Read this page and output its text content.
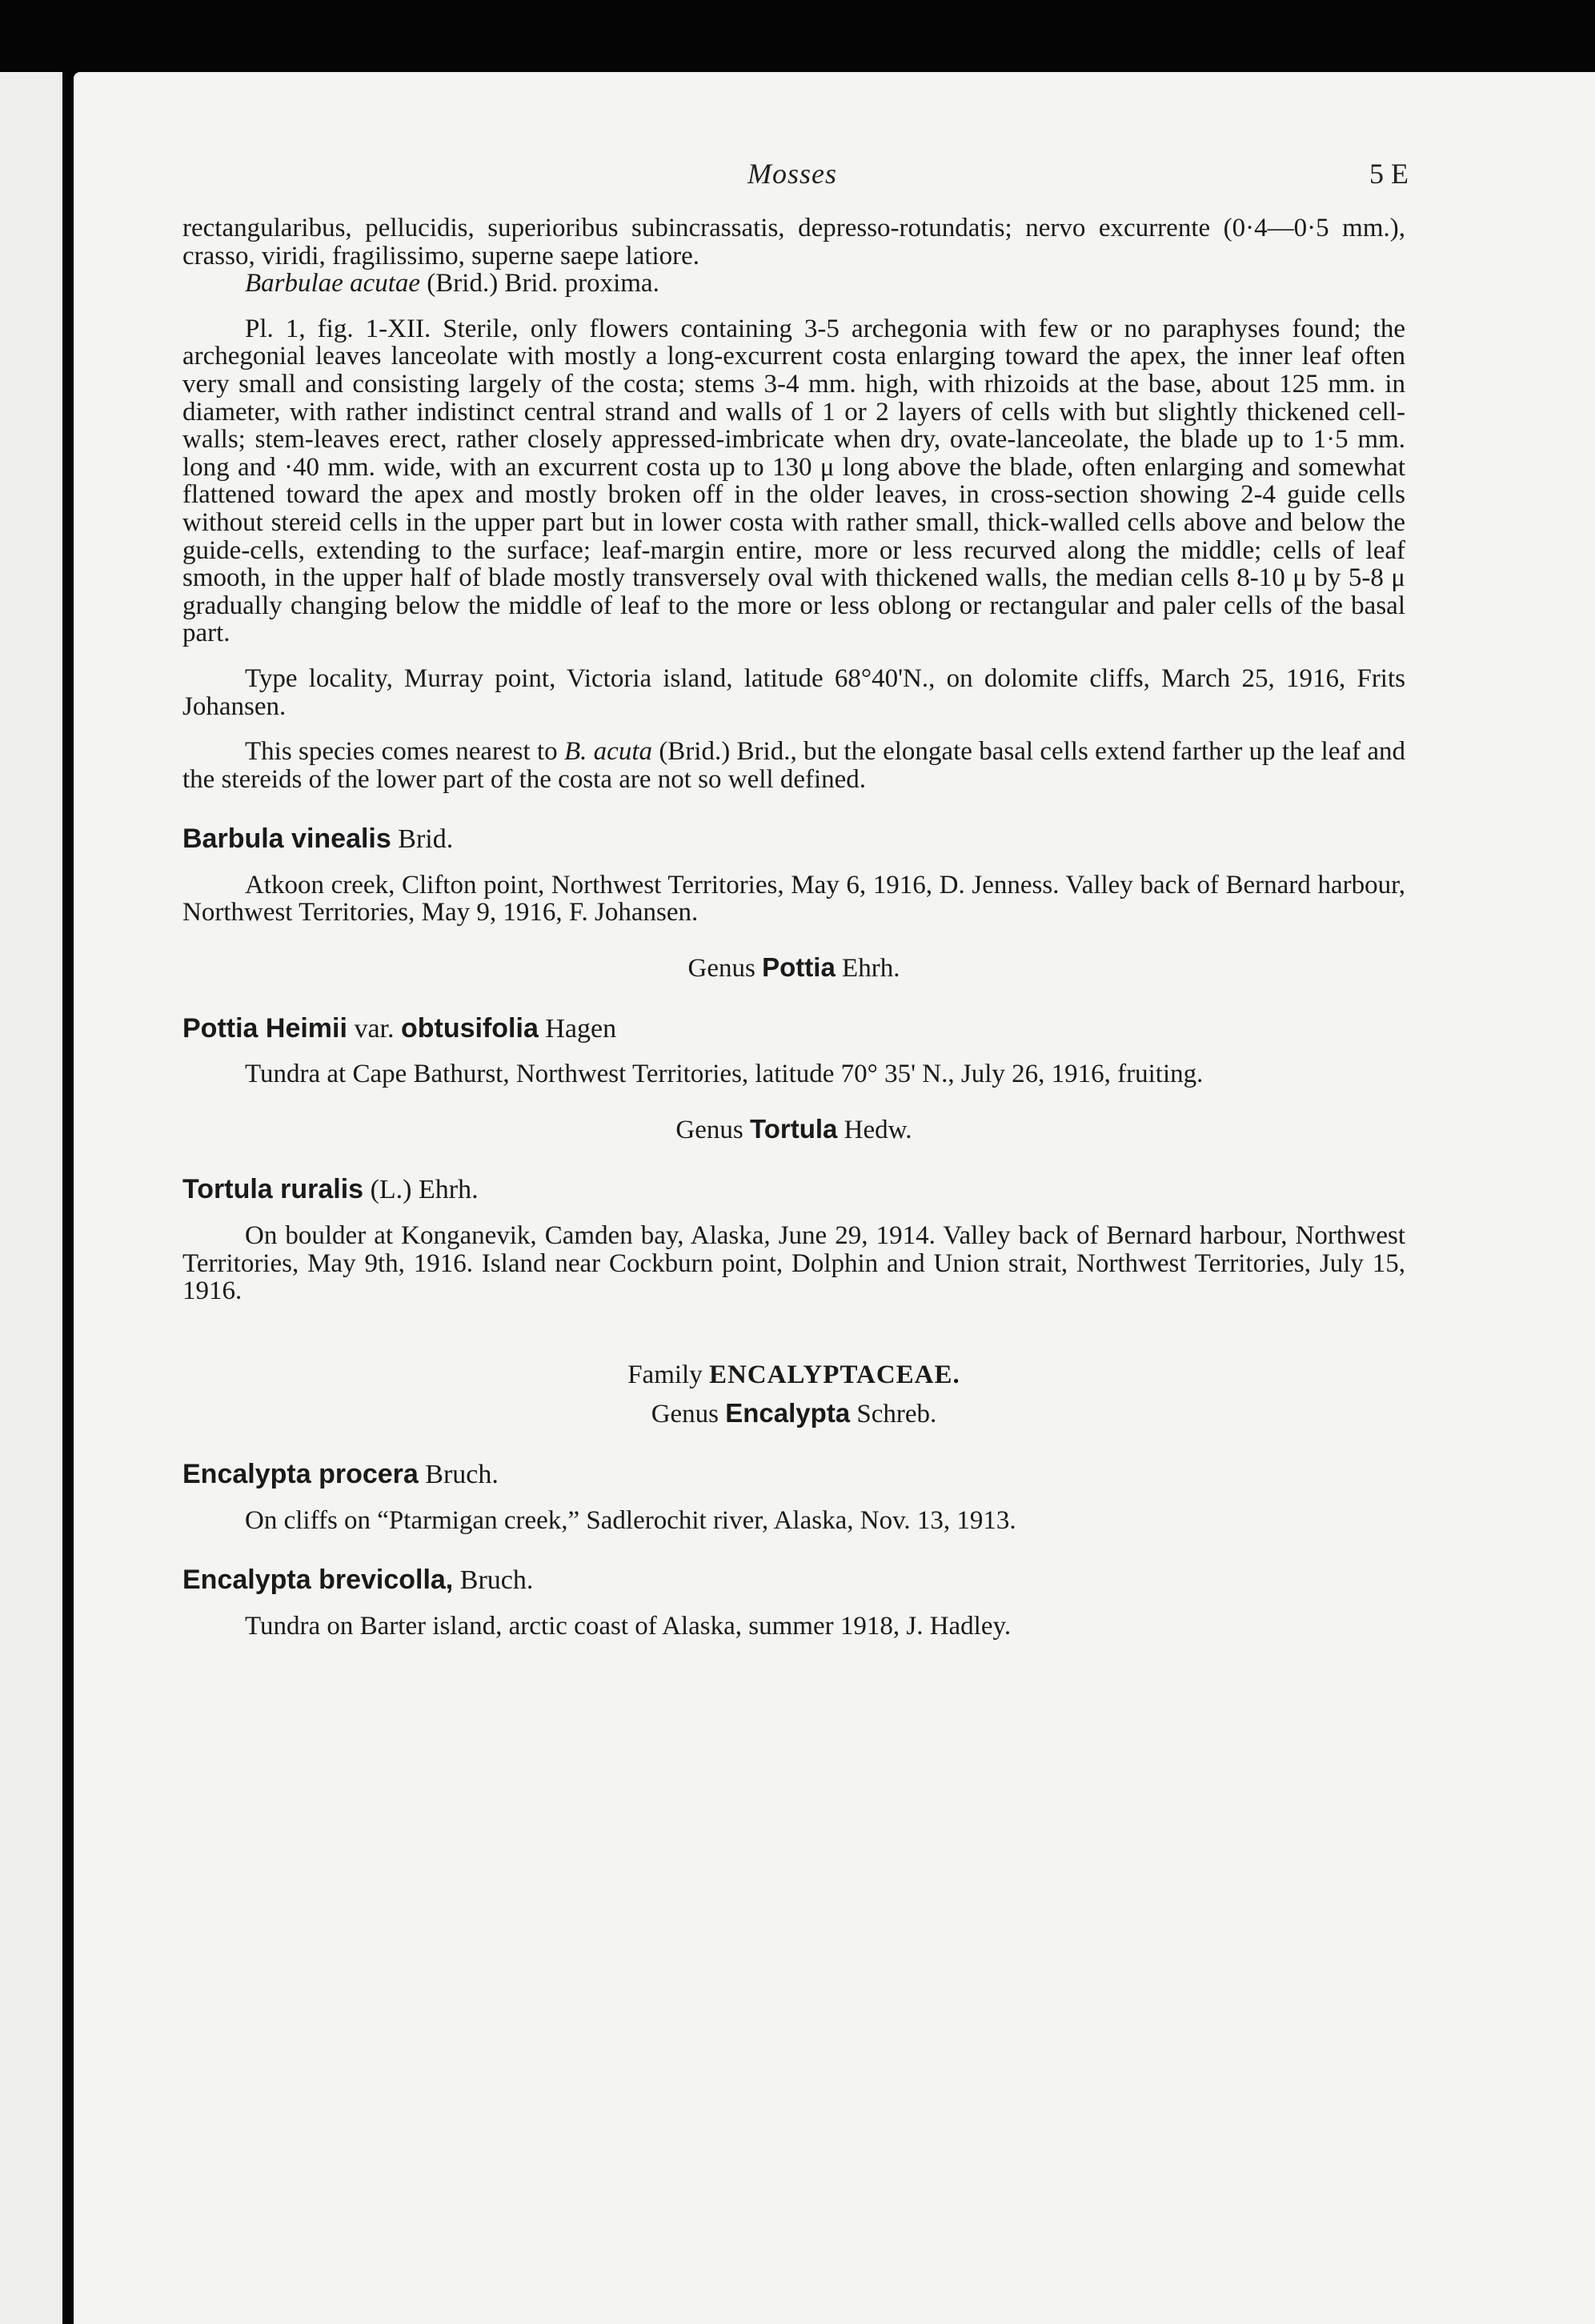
Mosses	5 E

rectangularibus, pellucidis, superioribus subincrassatis, depresso-rotundatis; nervo excurrente (0·4—0·5 mm.), crasso, viridi, fragilissimo, superne saepe latiore.

Barbulae acutae (Brid.) Brid. proxima.

Pl. 1, fig. 1-XII. Sterile, only flowers containing 3-5 archegonia with few or no paraphyses found; the archegonial leaves lanceolate with mostly a long-excurrent costa enlarging toward the apex, the inner leaf often very small and consisting largely of the costa; stems 3-4 mm. high, with rhizoids at the base, about 125 mm. in diameter, with rather indistinct central strand and walls of 1 or 2 layers of cells with but slightly thickened cell-walls; stem-leaves erect, rather closely appressed-imbricate when dry, ovate-lanceolate, the blade up to 1·5 mm. long and ·40 mm. wide, with an excurrent costa up to 130 μ long above the blade, often enlarging and somewhat flattened toward the apex and mostly broken off in the older leaves, in cross-section showing 2-4 guide cells without stereid cells in the upper part but in lower costa with rather small, thick-walled cells above and below the guide-cells, extending to the surface; leaf-margin entire, more or less recurved along the middle; cells of leaf smooth, in the upper half of blade mostly transversely oval with thickened walls, the median cells 8-10 μ by 5-8 μ gradually changing below the middle of leaf to the more or less oblong or rectangular and paler cells of the basal part.

Type locality, Murray point, Victoria island, latitude 68°40'N., on dolomite cliffs, March 25, 1916, Frits Johansen.

This species comes nearest to B. acuta (Brid.) Brid., but the elongate basal cells extend farther up the leaf and the stereids of the lower part of the costa are not so well defined.

Barbula vinealis Brid.

Atkoon creek, Clifton point, Northwest Territories, May 6, 1916, D. Jenness. Valley back of Bernard harbour, Northwest Territories, May 9, 1916, F. Johansen.

Genus Pottia Ehrh.

Pottia Heimii var. obtusifolia Hagen

Tundra at Cape Bathurst, Northwest Territories, latitude 70° 35' N., July 26, 1916, fruiting.

Genus Tortula Hedw.

Tortula ruralis (L.) Ehrh.

On boulder at Konganevik, Camden bay, Alaska, June 29, 1914. Valley back of Bernard harbour, Northwest Territories, May 9th, 1916. Island near Cockburn point, Dolphin and Union strait, Northwest Territories, July 15, 1916.

Family ENCALYPTACEAE.

Genus Encalypta Schreb.

Encalypta procera Bruch.

On cliffs on “Ptarmigan creek,” Sadlerochit river, Alaska, Nov. 13, 1913.

Encalypta brevicolla, Bruch.

Tundra on Barter island, arctic coast of Alaska, summer 1918, J. Hadley.
